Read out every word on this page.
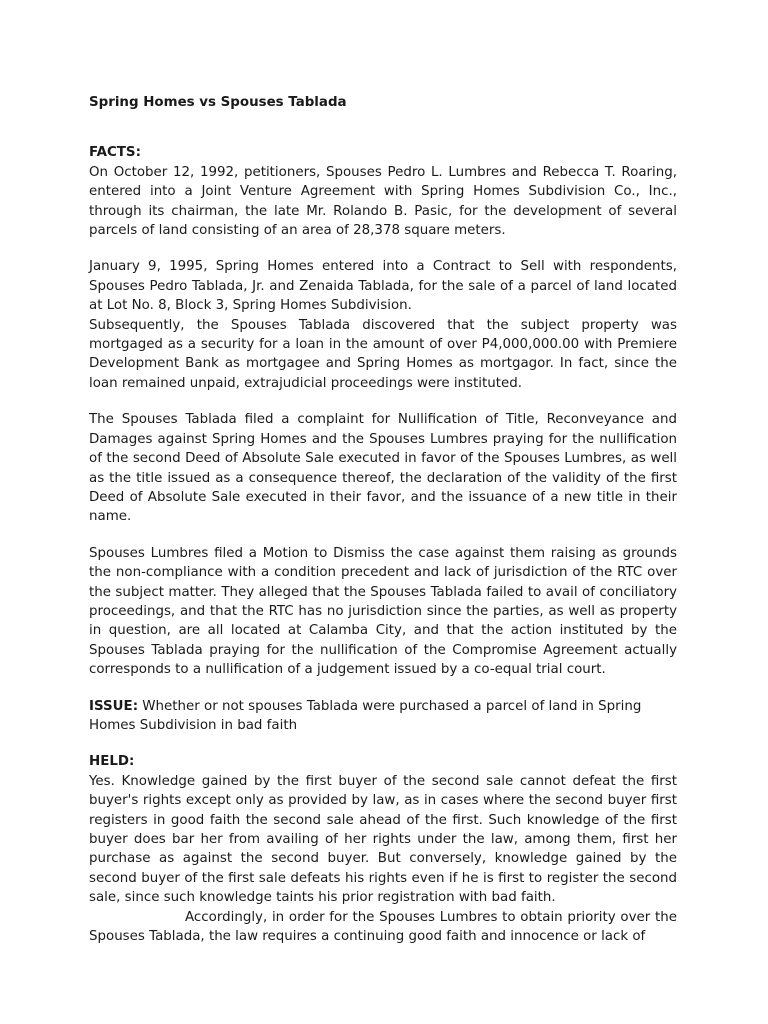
Spring Homes vs Spouses Tablada
FACTS:

On October 12, 1992, petitioners, Spouses Pedro L. Lumbres and Rebecca T. Roaring, entered into a Joint Venture Agreement with Spring Homes Subdivision Co., Inc., through its chairman, the late Mr. Rolando B. Pasic, for the development of several parcels of land consisting of an area of 28,378 square meters.

January 9, 1995, Spring Homes entered into a Contract to Sell with respondents, Spouses Pedro Tablada, Jr. and Zenaida Tablada, for the sale of a parcel of land located at Lot No. 8, Block 3, Spring Homes Subdivision.

Subsequently, the Spouses Tablada discovered that the subject property was mortgaged as a security for a loan in the amount of over P4,000,000.00 with Premiere Development Bank as mortgagee and Spring Homes as mortgagor. In fact, since the loan remained unpaid, extrajudicial proceedings were instituted.

The Spouses Tablada filed a complaint for Nullification of Title, Reconveyance and Damages against Spring Homes and the Spouses Lumbres praying for the nullification of the second Deed of Absolute Sale executed in favor of the Spouses Lumbres, as well as the title issued as a consequence thereof, the declaration of the validity of the first Deed of Absolute Sale executed in their favor, and the issuance of a new title in their name.

Spouses Lumbres filed a Motion to Dismiss the case against them raising as grounds the non-compliance with a condition precedent and lack of jurisdiction of the RTC over the subject matter. They alleged that the Spouses Tablada failed to avail of conciliatory proceedings, and that the RTC has no jurisdiction since the parties, as well as property in question, are all located at Calamba City, and that the action instituted by the Spouses Tablada praying for the nullification of the Compromise Agreement actually corresponds to a nullification of a judgement issued by a co-equal trial court.

ISSUE: Whether or not spouses Tablada were purchased a parcel of land in Spring Homes Subdivision in bad faith

HELD:

Yes. Knowledge gained by the first buyer of the second sale cannot defeat the first buyer's rights except only as provided by law, as in cases where the second buyer first registers in good faith the second sale ahead of the first. Such knowledge of the first buyer does bar her from availing of her rights under the law, among them, first her purchase as against the second buyer. But conversely, knowledge gained by the second buyer of the first sale defeats his rights even if he is first to register the second sale, since such knowledge taints his prior registration with bad faith.

Accordingly, in order for the Spouses Lumbres to obtain priority over the Spouses Tablada, the law requires a continuing good faith and innocence or lack of
